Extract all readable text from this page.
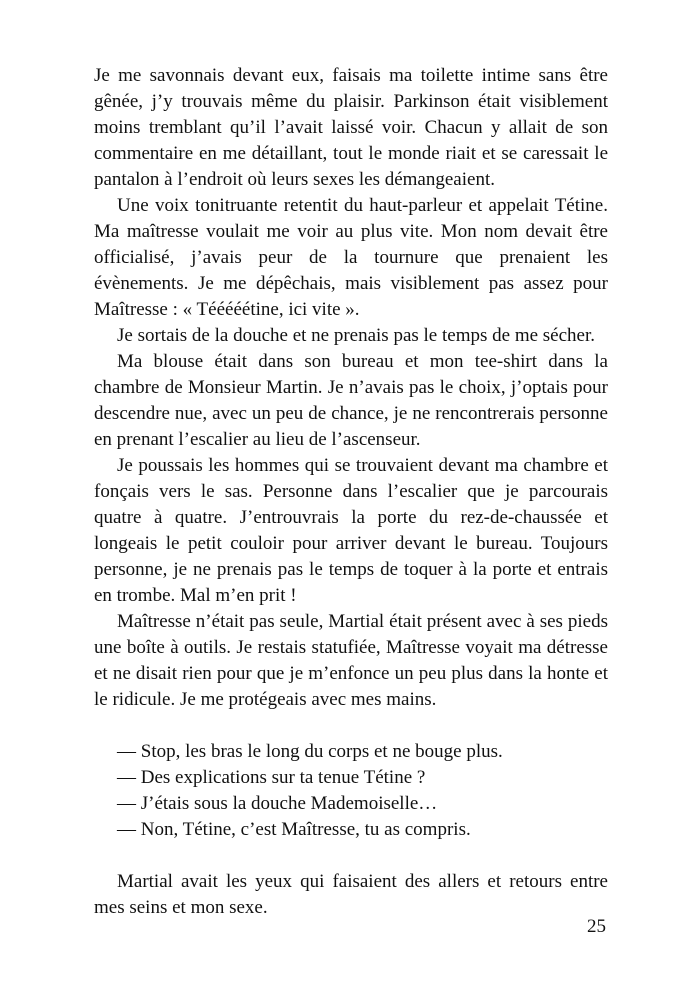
Je me savonnais devant eux, faisais ma toilette intime sans être gênée, j’y trouvais même du plaisir. Parkinson était visiblement moins tremblant qu’il l’avait laissé voir. Chacun y allait de son commentaire en me détaillant, tout le monde riait et se caressait le pantalon à l’endroit où leurs sexes les démangeaient.

Une voix tonitruante retentit du haut-parleur et appelait Tétine. Ma maîtresse voulait me voir au plus vite. Mon nom devait être officialisé, j’avais peur de la tournure que prenaient les évènements. Je me dépêchais, mais visiblement pas assez pour Maîtresse : « Tééééétine, ici vite ».

Je sortais de la douche et ne prenais pas le temps de me sécher.

Ma blouse était dans son bureau et mon tee-shirt dans la chambre de Monsieur Martin. Je n’avais pas le choix, j’optais pour descendre nue, avec un peu de chance, je ne rencontrerais personne en prenant l’escalier au lieu de l’ascenseur.

Je poussais les hommes qui se trouvaient devant ma chambre et fonçais vers le sas. Personne dans l’escalier que je parcourais quatre à quatre. J’entrouvrais la porte du rez-de-chaussée et longeais le petit couloir pour arriver devant le bureau. Toujours personne, je ne prenais pas le temps de toquer à la porte et entrais en trombe. Mal m’en prit !

Maîtresse n’était pas seule, Martial était présent avec à ses pieds une boîte à outils. Je restais statufiée, Maîtresse voyait ma détresse et ne disait rien pour que je m’enfonce un peu plus dans la honte et le ridicule. Je me protégeais avec mes mains.

— Stop, les bras le long du corps et ne bouge plus.

— Des explications sur ta tenue Tétine ?

— J’étais sous la douche Mademoiselle…

— Non, Tétine, c’est Maîtresse, tu as compris.

Martial avait les yeux qui faisaient des allers et retours entre mes seins et mon sexe.

25
